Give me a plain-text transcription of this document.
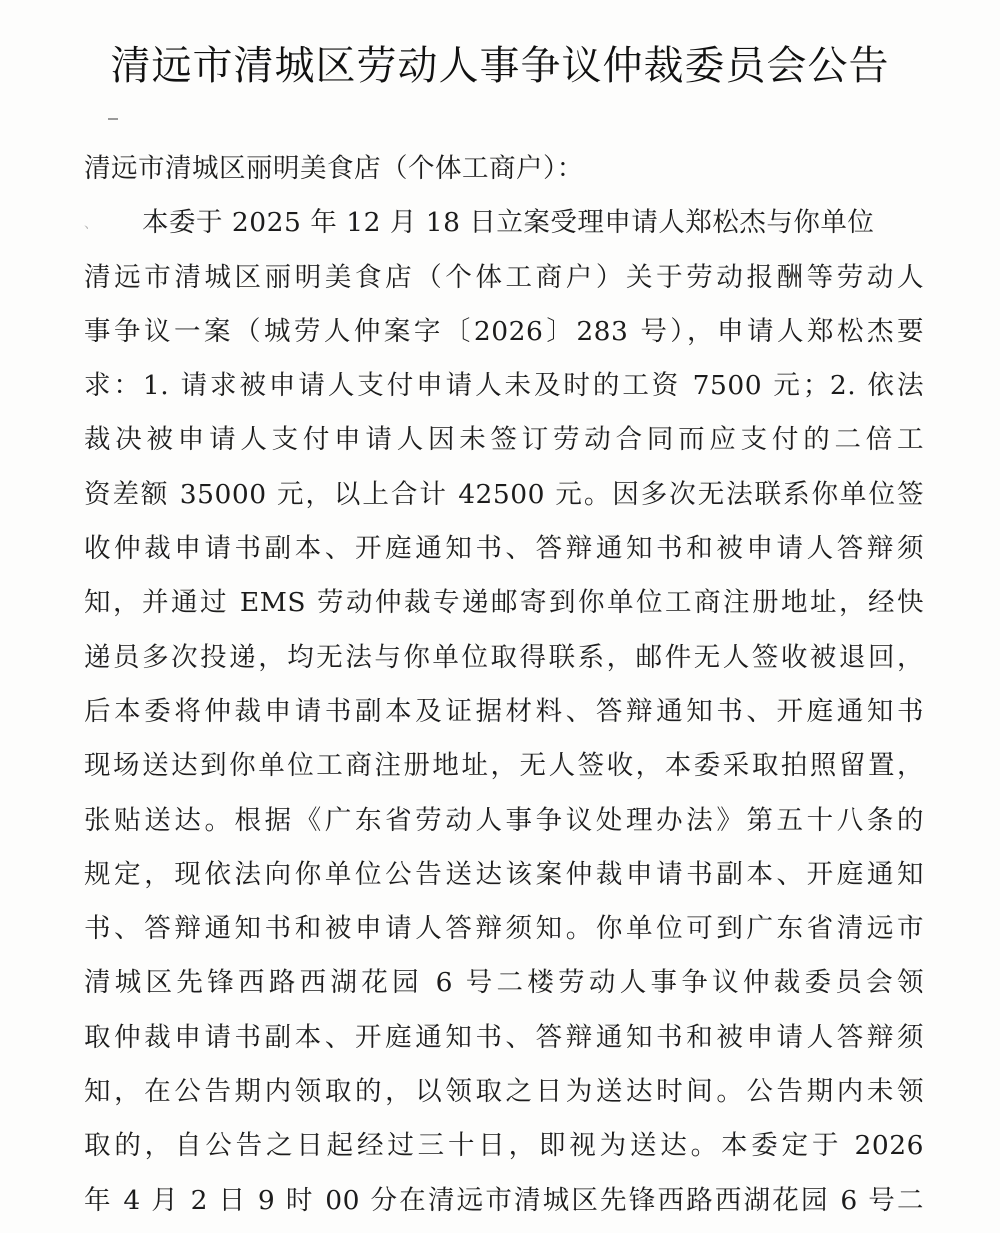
清远市清城区劳动人事争议仲裁委员会公告
清远市清城区丽明美食店（个体工商户）：
、 本委于 2025 年 12 月 18 日立案受理申请人郑松杰与你单位
清远市清城区丽明美食店（个体工商户）关于劳动报酬等劳动人
事争议一案（城劳人仲案字〔2026〕283 号），申请人郑松杰要
求：1. 请求被申请人支付申请人未及时的工资 7500 元；2. 依法
裁决被申请人支付申请人因未签订劳动合同而应支付的二倍工
资差额 35000 元，以上合计 42500 元。因多次无法联系你单位签
收仲裁申请书副本、开庭通知书、答辩通知书和被申请人答辩须
知，并通过 EMS 劳动仲裁专递邮寄到你单位工商注册地址，经快
递员多次投递，均无法与你单位取得联系，邮件无人签收被退回，
后本委将仲裁申请书副本及证据材料、答辩通知书、开庭通知书
现场送达到你单位工商注册地址，无人签收，本委采取拍照留置，
张贴送达。根据《广东省劳动人事争议处理办法》第五十八条的
规定，现依法向你单位公告送达该案仲裁申请书副本、开庭通知
书、答辩通知书和被申请人答辩须知。你单位可到广东省清远市
清城区先锋西路西湖花园 6 号二楼劳动人事争议仲裁委员会领
取仲裁申请书副本、开庭通知书、答辩通知书和被申请人答辩须
知，在公告期内领取的，以领取之日为送达时间。公告期内未领
取的，自公告之日起经过三十日，即视为送达。本委定于 2026
年 4 月 2 日 9 时 00 分在清远市清城区先锋西路西湖花园 6 号二
